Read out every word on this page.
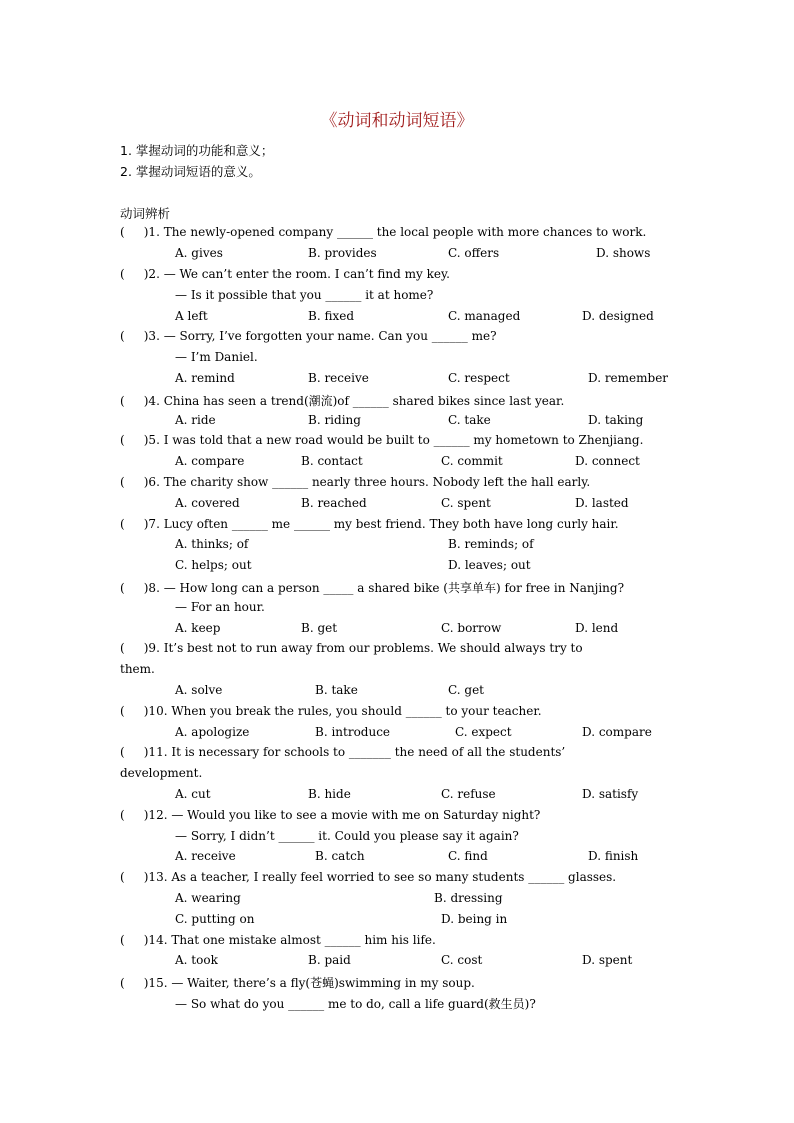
《动词和动词短语》
1. 掌握动词的功能和意义；
2. 掌握动词短语的意义。
动词辨析
(     )1. The newly-opened company ______ the local people with more chances to work.
A. gives	B. provides	C. offers	D. shows
(     )2. — We can’t enter the room. I can’t find my key.
— Is it possible that you ______ it at home?
A left	B. fixed	C. managed	D. designed
(     )3. — Sorry, I’ve forgotten your name. Can you ______ me?
— I’m Daniel.
A. remind	B. receive	C. respect	D. remember
(     )4. China has seen a trend(潮流)of ______ shared bikes since last year.
A. ride	B. riding	C. take	D. taking
(     )5. I was told that a new road would be built to ______ my hometown to Zhenjiang.
A. compare	B. contact	C. commit	D. connect
(     )6. The charity show ______ nearly three hours. Nobody left the hall early.
A. covered	B. reached	C. spent	D. lasted
(     )7. Lucy often ______ me ______ my best friend. They both have long curly hair.
A. thinks; of	B. reminds; of
C. helps; out	D. leaves; out
(     )8. — How long can a person _____ a shared bike (共享单车) for free in Nanjing?
— For an hour.
A. keep	B. get	C. borrow	D. lend
(     )9. It’s best not to run away from our problems. We should always try to
them.
A. solve	B. take	C. get
(     )10. When you break the rules, you should ______ to your teacher.
A. apologize	B. introduce	C. expect	D. compare
(     )11. It is necessary for schools to _______ the need of all the students’
development.
A. cut	B. hide	C. refuse	D. satisfy
(     )12. — Would you like to see a movie with me on Saturday night?
— Sorry, I didn’t ______ it. Could you please say it again?
A. receive	B. catch	C. find	D. finish
(     )13. As a teacher, I really feel worried to see so many students ______ glasses.
A. wearing	B. dressing
C. putting on	D. being in
(     )14. That one mistake almost ______ him his life.
A. took	B. paid	C. cost	D. spent
(     )15. — Waiter, there’s a fly(苍蝇)swimming in my soup.
— So what do you ______ me to do, call a life guard(救生员)?
